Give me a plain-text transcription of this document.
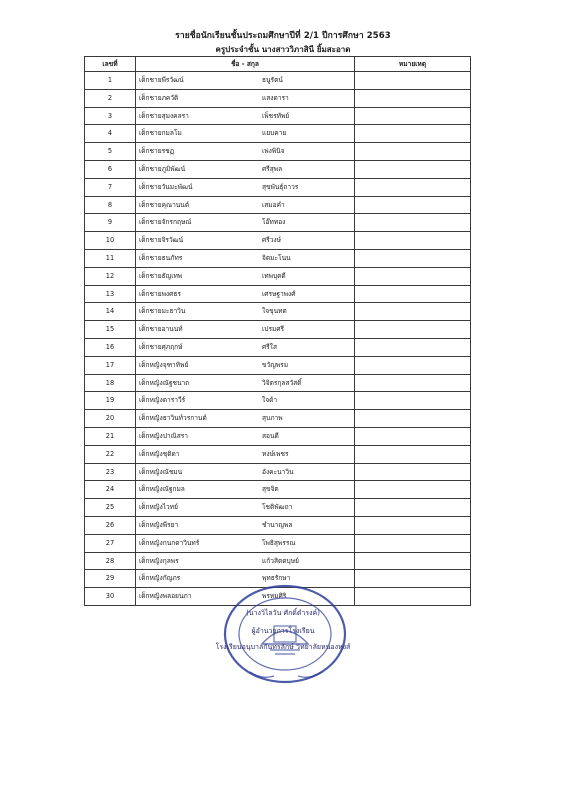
รายชื่อนักเรียนชั้นประถมศึกษาปีที่ 2/1 ปีการศึกษา 2563
ครูประจำชั้น นางสาววิภาสินี ยิ้มสะอาด
เลขที่	ชื่อ - สกุล	หมายเหตุ
1	เด็กชายพีรวัฒน์ ธนูรัตน์	

2	เด็กชายภควัติ แสงดารา	

3	เด็กชายสุมงคลรา เพ็ชรทัพย์	

4	เด็กชายกมลโม แยบคาย	

5	เด็กชายรชฏ เพ่งพินิจ	

6	เด็กชายภูมิพัฒน์ ศรีสุพล	

7	เด็กชายวันมะพัฒน์ สุขพันธุ์ถาวร	

8	เด็กชายคุณานนต์ เสมอคำ	

9	เด็กชายจักรกฤษณ์ โอ๊ททอง	

10	เด็กชายจิรวัฒน์ ศรีวงษ์	

11	เด็กชายธนภัทร จิตมะโนน	

12	เด็กชายธัญเทพ เทพบุตดี	

13	เด็กชายพงศธร เศรษฐาพงศ์	

14	เด็กชายมะธาวิน ใจขุนทด	

15	เด็กชายอานนท์ เปรมศรี	

16	เด็กชายศุภฤกษ์ ศรีใส	

17	เด็กหญิงจุฑาทิพย์ ขวัญพรม	

18	เด็กหญิงณัฐชนาถ วิจิตรกุลสวัสดิ์	

19	เด็กหญิงดาราวีร์ ใจด้า	

20	เด็กหญิงธาวินท์วรกานต์ สุบภาพ	

21	เด็กหญิงปาณิสรา สอนดี	

22	เด็กหญิงชุติดา หงษ์เพชร	

23	เด็กหญิงณัชมน อังคะนาวิน	

24	เด็กหญิงณัฐกมล สุขจิต	

25	เด็กหญิงไวทย์ โชติพัฒถา	

26	เด็กหญิงพีรยา ชำนาญพล	

27	เด็กหญิงกนกดาวินทร์ โพธิสุพรรณ	

28	เด็กหญิงกุลพร แก้วสิตตบุษย์	

29	เด็กหญิงกัญภร พุทธรักษา	

30	เด็กหญิงพลอยนภา พรหมศิริ	

(นางวิไลวัน ศักดิ์ดำรงค์)
ผู้อำนวยการโรงเรียน
โรงเรียนอนุบาลกันทรลักษ์ วิทยาลัยหนองหงส์
